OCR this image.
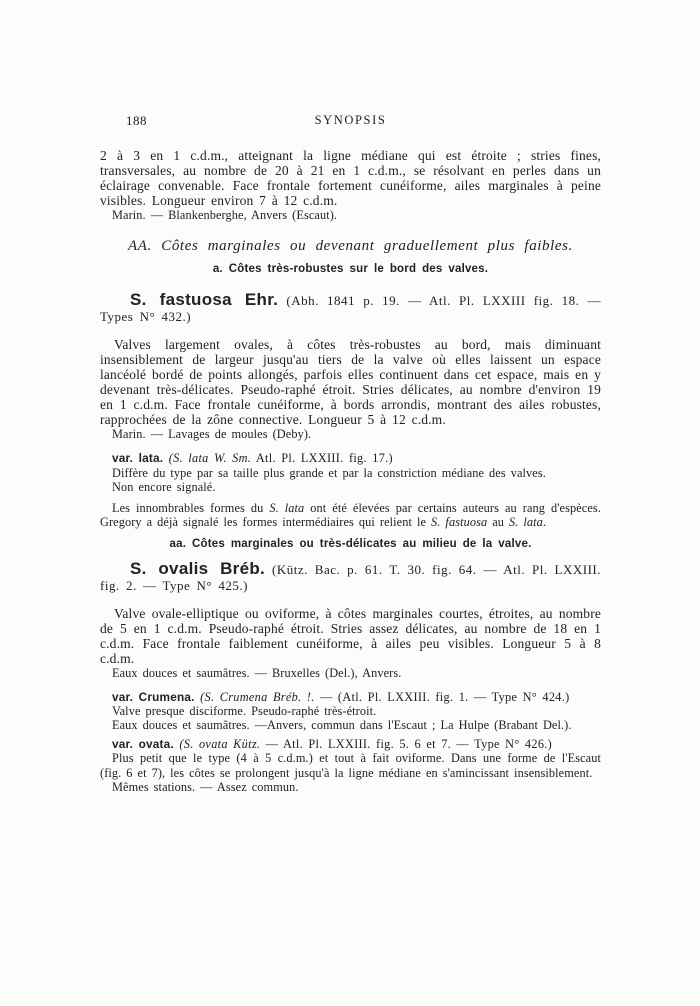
188	SYNOPSIS

2 à 3 en 1 c.d.m., atteignant la ligne médiane qui est étroite ; stries fines, transversales, au nombre de 20 à 21 en 1 c.d.m., se résolvant en perles dans un éclairage convenable. Face frontale fortement cunéiforme, ailes marginales à peine visibles. Longueur environ 7 à 12 c.d.m.

Marin. — Blankenberghe, Anvers (Escaut).

AA. Côtes marginales ou devenant graduellement plus faibles.
a. Côtes très-robustes sur le bord des valves.

S. fastuosa Ehr. (Abh. 1841 p. 19. — Atl. Pl. LXXIII fig. 18. —Types N° 432.)

Valves largement ovales, à côtes très-robustes au bord, mais diminuant insensiblement de largeur jusqu'au tiers de la valve où elles laissent un espace lancéolé bordé de points allongés, parfois elles continuent dans cet espace, mais en y devenant très-délicates. Pseudo-raphé étroit. Stries délicates, au nombre d'environ 19 en 1 c.d.m. Face frontale cunéiforme, à bords arrondis, montrant des ailes robustes, rapprochées de la zône connective. Longueur 5 à 12 c.d.m.

Marin. — Lavages de moules (Deby).

var. lata. (S. lata W. Sm. Atl. Pl. LXXIII. fig. 17.)

Diffère du type par sa taille plus grande et par la constriction médiane des valves.

Non encore signalé.

Les innombrables formes du S. lata ont été élevées par certains auteurs au rang d'espèces. Gregory a déjà signalé les formes intermédiaires qui relient le S. fastuosa au S. lata.

aa. Côtes marginales ou très-délicates au milieu de la valve.

S. ovalis Bréb. (Kütz. Bac. p. 61. T. 30. fig. 64. — Atl. Pl. LXXIII. fig. 2. — Type N° 425.)

Valve ovale-elliptique ou oviforme, à côtes marginales courtes, étroites, au nombre de 5 en 1 c.d.m. Pseudo-raphé étroit. Stries assez délicates, au nombre de 18 en 1 c.d.m. Face frontale faiblement cunéiforme, à ailes peu visibles. Longueur 5 à 8 c.d.m.

Eaux douces et saumâtres. — Bruxelles (Del.), Anvers.

var. Crumena. (S. Crumena Bréb. !. — (Atl. Pl. LXXIII. fig. 1. — Type N° 424.)

Valve presque disciforme. Pseudo-raphé très-étroit.

Eaux douces et saumâtres. —Anvers, commun dans l'Escaut ; La Hulpe (Brabant Del.).

var. ovata. (S. ovata Kütz. — Atl. Pl. LXXIII. fig. 5. 6 et 7. — Type N° 426.)

Plus petit que le type (4 à 5 c.d.m.) et tout à fait oviforme. Dans une forme de l'Escaut (fig. 6 et 7), les côtes se prolongent jusqu'à la ligne médiane en s'amincissant insensiblement.

Mêmes stations. — Assez commun.
